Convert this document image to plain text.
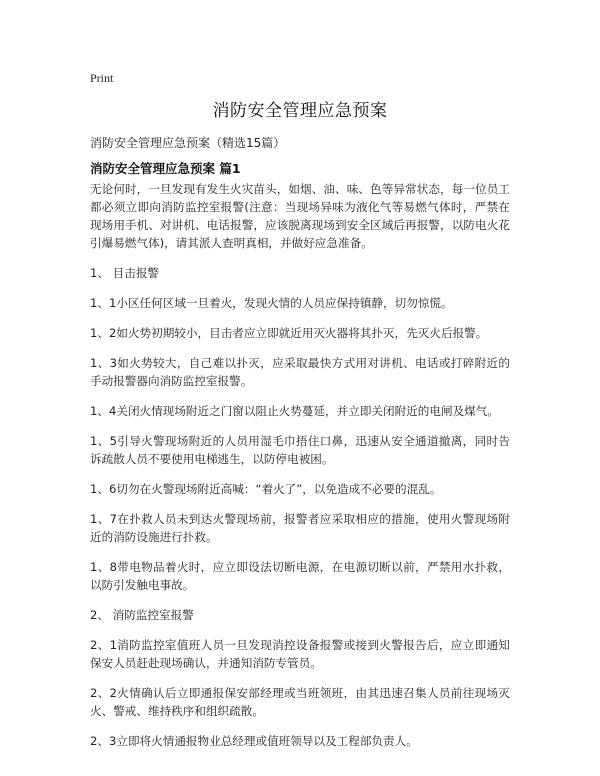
Print
消防安全管理应急预案
消防安全管理应急预案（精选15篇）
消防安全管理应急预案 篇1

无论何时，一旦发现有发生火灾苗头，如烟、油、味、色等异常状态，每一位员工都必须立即向消防监控室报警(注意：当现场异味为液化气等易燃气体时，严禁在现场用手机、对讲机、电话报警，应该脱离现场到安全区域后再报警，以防电火花引爆易燃气体)，请其派人查明真相，并做好应急准备。

1、 目击报警

1、1小区任何区域一旦着火，发现火情的人员应保持镇静，切勿惊慌。

1、2如火势初期较小，目击者应立即就近用灭火器将其扑灭，先灭火后报警。

1、3如火势较大，自己难以扑灭，应采取最快方式用对讲机、电话或打碎附近的手动报警器向消防监控室报警。

1、4关闭火情现场附近之门窗以阻止火势蔓延，并立即关闭附近的电闸及煤气。

1、5引导火警现场附近的人员用湿毛巾捂住口鼻，迅速从安全通道撤离，同时告诉疏散人员不要使用电梯逃生，以防停电被困。

1、6切勿在火警现场附近高喊：“着火了”，以免造成不必要的混乱。

1、7在扑救人员未到达火警现场前，报警者应采取相应的措施，使用火警现场附近的消防设施进行扑救。

1、8带电物品着火时，应立即设法切断电源，在电源切断以前，严禁用水扑救，以防引发触电事故。

2、 消防监控室报警

2、1消防监控室值班人员一旦发现消控设备报警或接到火警报告后，应立即通知保安人员赶赴现场确认，并通知消防专管员。

2、2火情确认后立即通报保安部经理或当班领班，由其迅速召集人员前往现场灭火、警戒、维持秩序和组织疏散。

2、3立即将火情通报物业总经理或值班领导以及工程部负责人。
